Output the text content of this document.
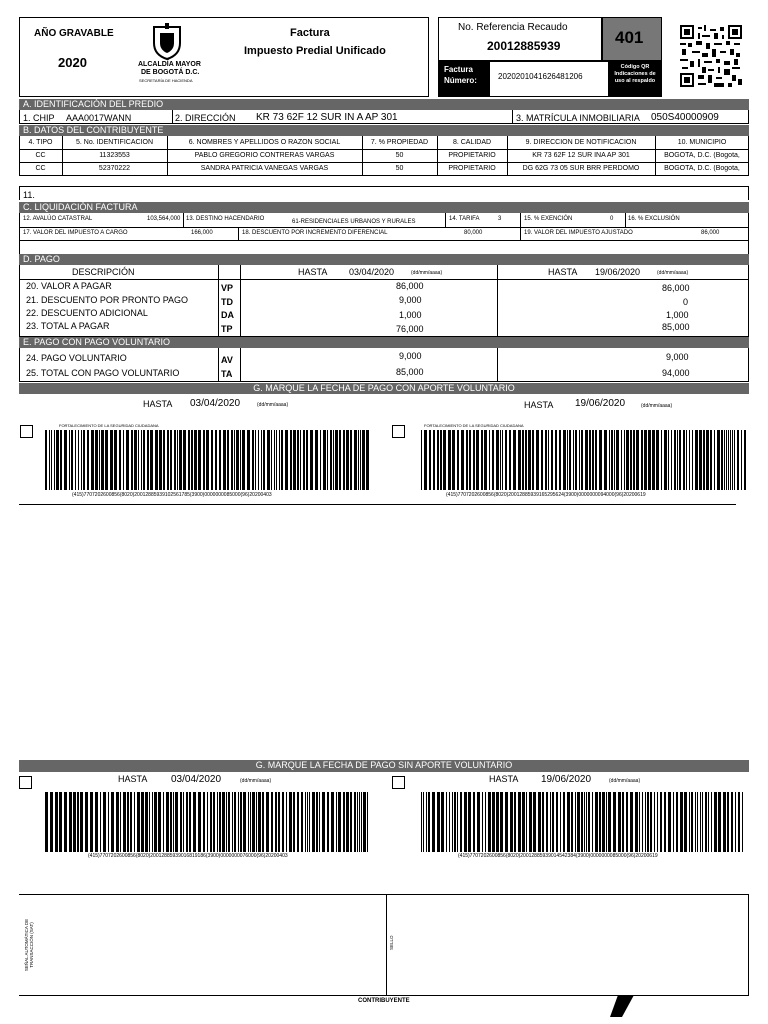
AÑO GRAVABLE
2020	ALCALDÍA MAYOR
DE BOGOTÁ D.C.
SECRETARÍA DE HACIENDA
Factura
Impuesto Predial Unificado
No. Referencia Recaudo
20012885939	401
Factura Número:	2020201041626481206
Código QR Indicaciones de uso al respaldo
A. IDENTIFICACIÓN DEL PREDIO
1. CHIP AAA0017WANN	2. DIRECCIÓN KR 73 62F 12 SUR IN A AP 301	3. MATRÍCULA INMOBILIARIA 050S40000909
B. DATOS DEL CONTRIBUYENTE
4. TIPO	5. No. IDENTIFICACIÓN	6. NOMBRES Y APELLIDOS O RAZÓN SOCIAL	7. % PROPIEDAD	8. CALIDAD	9. DIRECCIÓN DE NOTIFICACIÓN	10. MUNICIPIO
CC	11323553	PABLO GREGORIO CONTRERAS VARGAS	50	PROPIETARIO	KR 73 62F 12 SUR INA AP 301	BOGOTA, D.C. (Bogota,
CC	52370222	SANDRA PATRICIA VANEGAS VARGAS	50	PROPIETARIO	DG 62G 73 05 SUR BRR PERDOMO	BOGOTA, D.C. (Bogota,
11.
C. LIQUIDACIÓN FACTURA
12. AVALÚO CATASTRAL	103,564,000 13. DESTINO HACENDARIO	61-RESIDENCIALES URBANOS Y RURALES	14. TARIFA	3	15. % EXENCIÓN	0 16. % EXCLUSIÓN
17. VALOR DEL IMPUESTO A CARGO	166,000	18. DESCUENTO POR INCREMENTO DIFERENCIAL	80,000	19. VALOR DEL IMPUESTO AJUSTADO	86,000
D. PAGO
DESCRIPCIÓN	HASTA 03/04/2020	(dd/mm/aaaa)	HASTA 19/06/2020	(dd/mm/aaaa)
20. VALOR A PAGAR	VP	86,000	86,000
21. DESCUENTO POR PRONTO PAGO	TD	9,000	0
22. DESCUENTO ADICIONAL	DA	1,000	1,000
23. TOTAL A PAGAR	TP	76,000	85,000
E. PAGO CON PAGO VOLUNTARIO
24. PAGO VOLUNTARIO	AV	9,000	9,000
25. TOTAL CON PAGO VOLUNTARIO	TA	85,000	94,000
G. MARQUE LA FECHA DE PAGO CON APORTE VOLUNTARIO
HASTA 03/04/2020	(dd/mm/aaaa)	HASTA 19/06/2020	(dd/mm/aaaa)
FORTALECIMIENTO DE LA SEGURIDAD CIUDADANA
(415)7707202600856(8020)20012885939102561785(3900)0000000085000(96)20200403
FORTALECIMIENTO DE LA SEGURIDAD CIUDADANA
(415)7707202600856(8020)20012885939165295624(3900)0000000094000(96)20200619
G. MARQUE LA FECHA DE PAGO SIN APORTE VOLUNTARIO
HASTA 03/04/2020	(dd/mm/aaaa)	HASTA 19/06/2020	(dd/mm/aaaa)
(415)7707202600856(8020)20012885939016819186(3900)0000000076000(96)20200403	(415)7707202600856(8020)20012885939014542384(3900)0000000085000(96)20200619
SEÑAL AUTOMÁTICA DE TRANSACCIÓN (SAT)	SELLO
CONTRIBUYENTE
